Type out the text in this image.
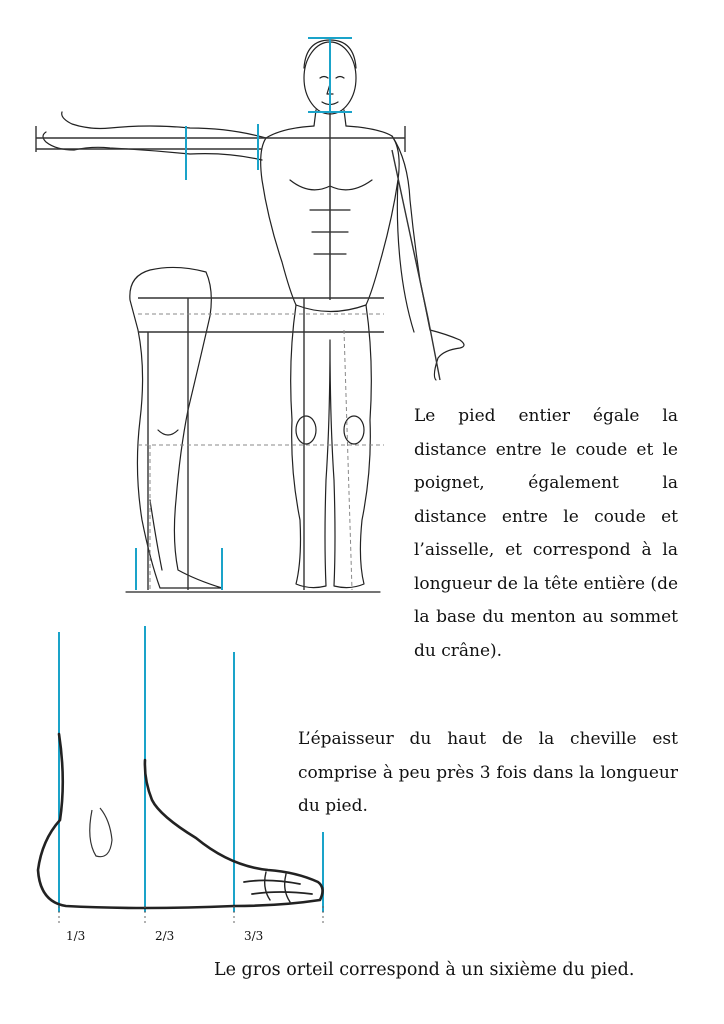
Le pied entier égale la distance entre le coude et le poignet, également la distance entre le coude et l’aisselle, et correspond à la longueur de la tête entière (de la base du menton au sommet du crâne).

1/3	2/3	3/3

L’épaisseur du haut de la cheville est comprise à peu près 3 fois dans la longueur du pied.

Le gros orteil correspond à un sixième du pied.
